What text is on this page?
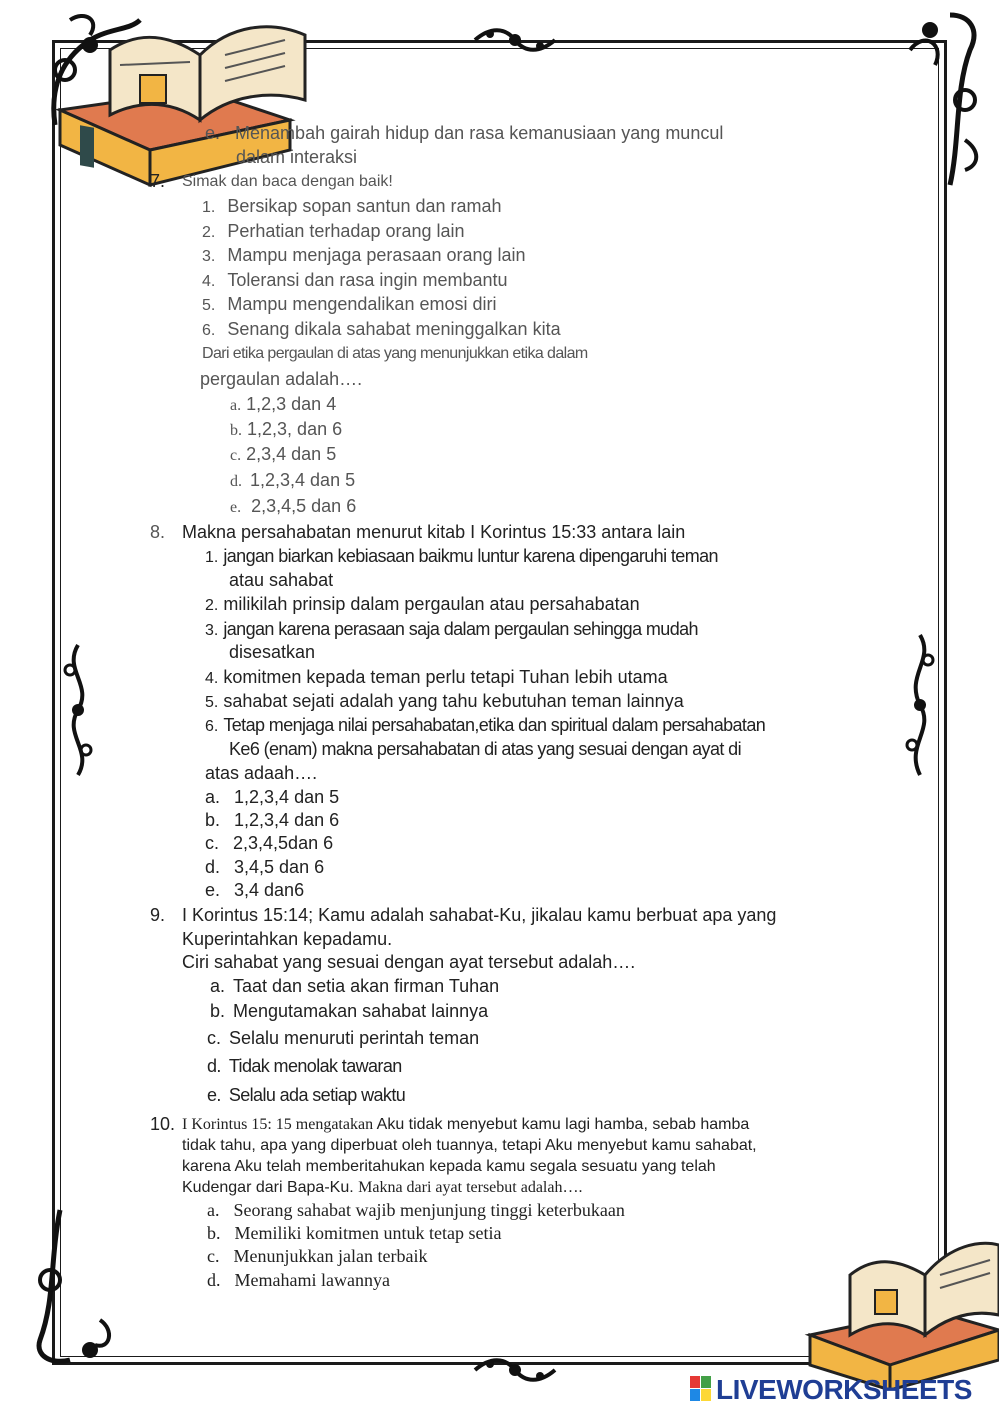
e. Menambah gairah hidup dan rasa kemanusiaan yang muncul
dalam interaksi
7. Simak dan baca dengan baik!
1. Bersikap sopan santun dan ramah
2. Perhatian terhadap orang lain
3. Mampu menjaga perasaan orang lain
4. Toleransi dan rasa ingin membantu
5. Mampu mengendalikan emosi diri
6. Senang dikala sahabat meninggalkan kita
Dari etika pergaulan di atas yang menunjukkan etika dalam
pergaulan adalah….
a. 1,2,3 dan 4
b. 1,2,3, dan 6
c. 2,3,4 dan 5
d. 1,2,3,4 dan 5
e. 2,3,4,5 dan 6
8. Makna persahabatan menurut kitab I Korintus 15:33 antara lain
1. jangan biarkan kebiasaan baikmu luntur karena dipengaruhi teman
atau sahabat
2. milikilah prinsip dalam pergaulan atau persahabatan
3. jangan karena perasaan saja dalam pergaulan sehingga mudah
disesatkan
4. komitmen kepada teman perlu tetapi Tuhan lebih utama
5. sahabat sejati adalah yang tahu kebutuhan teman lainnya
6. Tetap menjaga nilai persahabatan,etika dan spiritual dalam persahabatan
Ke6 (enam) makna persahabatan di atas yang sesuai dengan ayat di
atas adaah….
a. 1,2,3,4 dan 5
b. 1,2,3,4 dan 6
c. 2,3,4,5dan 6
d. 3,4,5 dan 6
e. 3,4 dan6
9. I Korintus 15:14; Kamu adalah sahabat-Ku, jikalau kamu berbuat apa yang
Kuperintahkan kepadamu.
Ciri sahabat yang sesuai dengan ayat tersebut adalah….
a. Taat dan setia akan firman Tuhan
b. Mengutamakan sahabat lainnya
c. Selalu menuruti perintah teman
d. Tidak menolak tawaran
e. Selalu ada setiap waktu
10. I Korintus 15: 15 mengatakan Aku tidak menyebut kamu lagi hamba, sebab hamba
tidak tahu, apa yang diperbuat oleh tuannya, tetapi Aku menyebut kamu sahabat,
karena Aku telah memberitahukan kepada kamu segala sesuatu yang telah
Kudengar dari Bapa-Ku. Makna dari ayat tersebut adalah….
a. Seorang sahabat wajib menjunjung tinggi keterbukaan
b. Memiliki komitmen untuk tetap setia
c. Menunjukkan jalan terbaik
d. Memahami lawannya
LIVEWORKSHEETS
